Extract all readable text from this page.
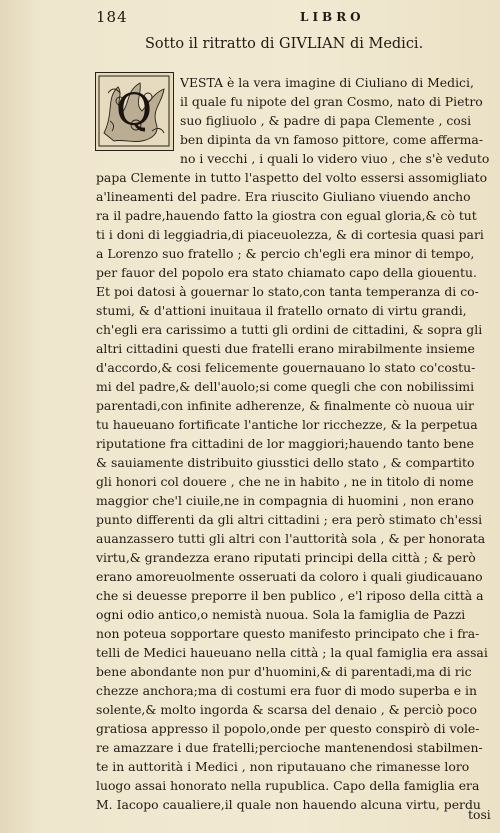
184	LIBRO
Sotto il ritratto di GIVLIAN di Medici.
Q
VESTA è la vera imagine di Ciuliano di Medici,
il quale fu nipote del gran Cosmo, nato di Pietro
suo figliuolo , & padre di papa Clemente , cosi
ben dipinta da vn famoso pittore, come afferma-
no i vecchi , i quali lo videro viuo , che s'è veduto
papa Clemente in tutto l'aspetto del volto essersi assomigliato
a'lineamenti del padre. Era riuscito Giuliano viuendo ancho
ra il padre,hauendo fatto la giostra con egual gloria,& cò tut
ti i doni di leggiadria,di piaceuolezza, & di cortesia quasi pari
a Lorenzo suo fratello ; & percio ch'egli era minor di tempo,
per fauor del popolo era stato chiamato capo della giouentu.
Et poi datosi à gouernar lo stato,con tanta temperanza di co-
stumi, & d'attioni inuitaua il fratello ornato di virtu grandi,
ch'egli era carissimo a tutti gli ordini de cittadini, & sopra gli
altri cittadini questi due fratelli erano mirabilmente insieme
d'accordo,& cosi felicemente gouernauano lo stato co'costu-
mi del padre,& dell'auolo;si come quegli che con nobilissimi
parentadi,con infinite adherenze, & finalmente cò nuoua uir
tu haueuano fortificate l'antiche lor ricchezze, & la perpetua
riputatione fra cittadini de lor maggiori;hauendo tanto bene
& sauiamente distribuito giusstici dello stato , & compartito
gli honori col douere , che ne in habito , ne in titolo di nome
maggior che'l ciuile,ne in compagnia di huomini , non erano
punto differenti da gli altri cittadini ; era però stimato ch'essi
auanzassero tutti gli altri con l'auttorità sola , & per honorata
virtu,& grandezza erano riputati principi della città ; & però
erano amoreuolmente osseruati da coloro i quali giudicauano
che si deuesse preporre il ben publico , e'l riposo della città a
ogni odio antico,o nemistà nuoua. Sola la famiglia de Pazzi
non poteua sopportare questo manifesto principato che i fra-
telli de Medici haueuano nella città ; la qual famiglia era assai
bene abondante non pur d'huomini,& di parentadi,ma di ric
chezze anchora;ma di costumi era fuor di modo superba e in
solente,& molto ingorda & scarsa del denaio , & perciò poco
gratiosa appresso il popolo,onde per questo conspirò di vole-
re amazzare i due fratelli;percioche mantenendosi stabilmen-
te in auttorità i Medici , non riputauano che rimanesse loro
luogo assai honorato nella rupublica. Capo della famiglia era
M. Iacopo caualiere,il quale non hauendo alcuna virtu, perdu
tosi
